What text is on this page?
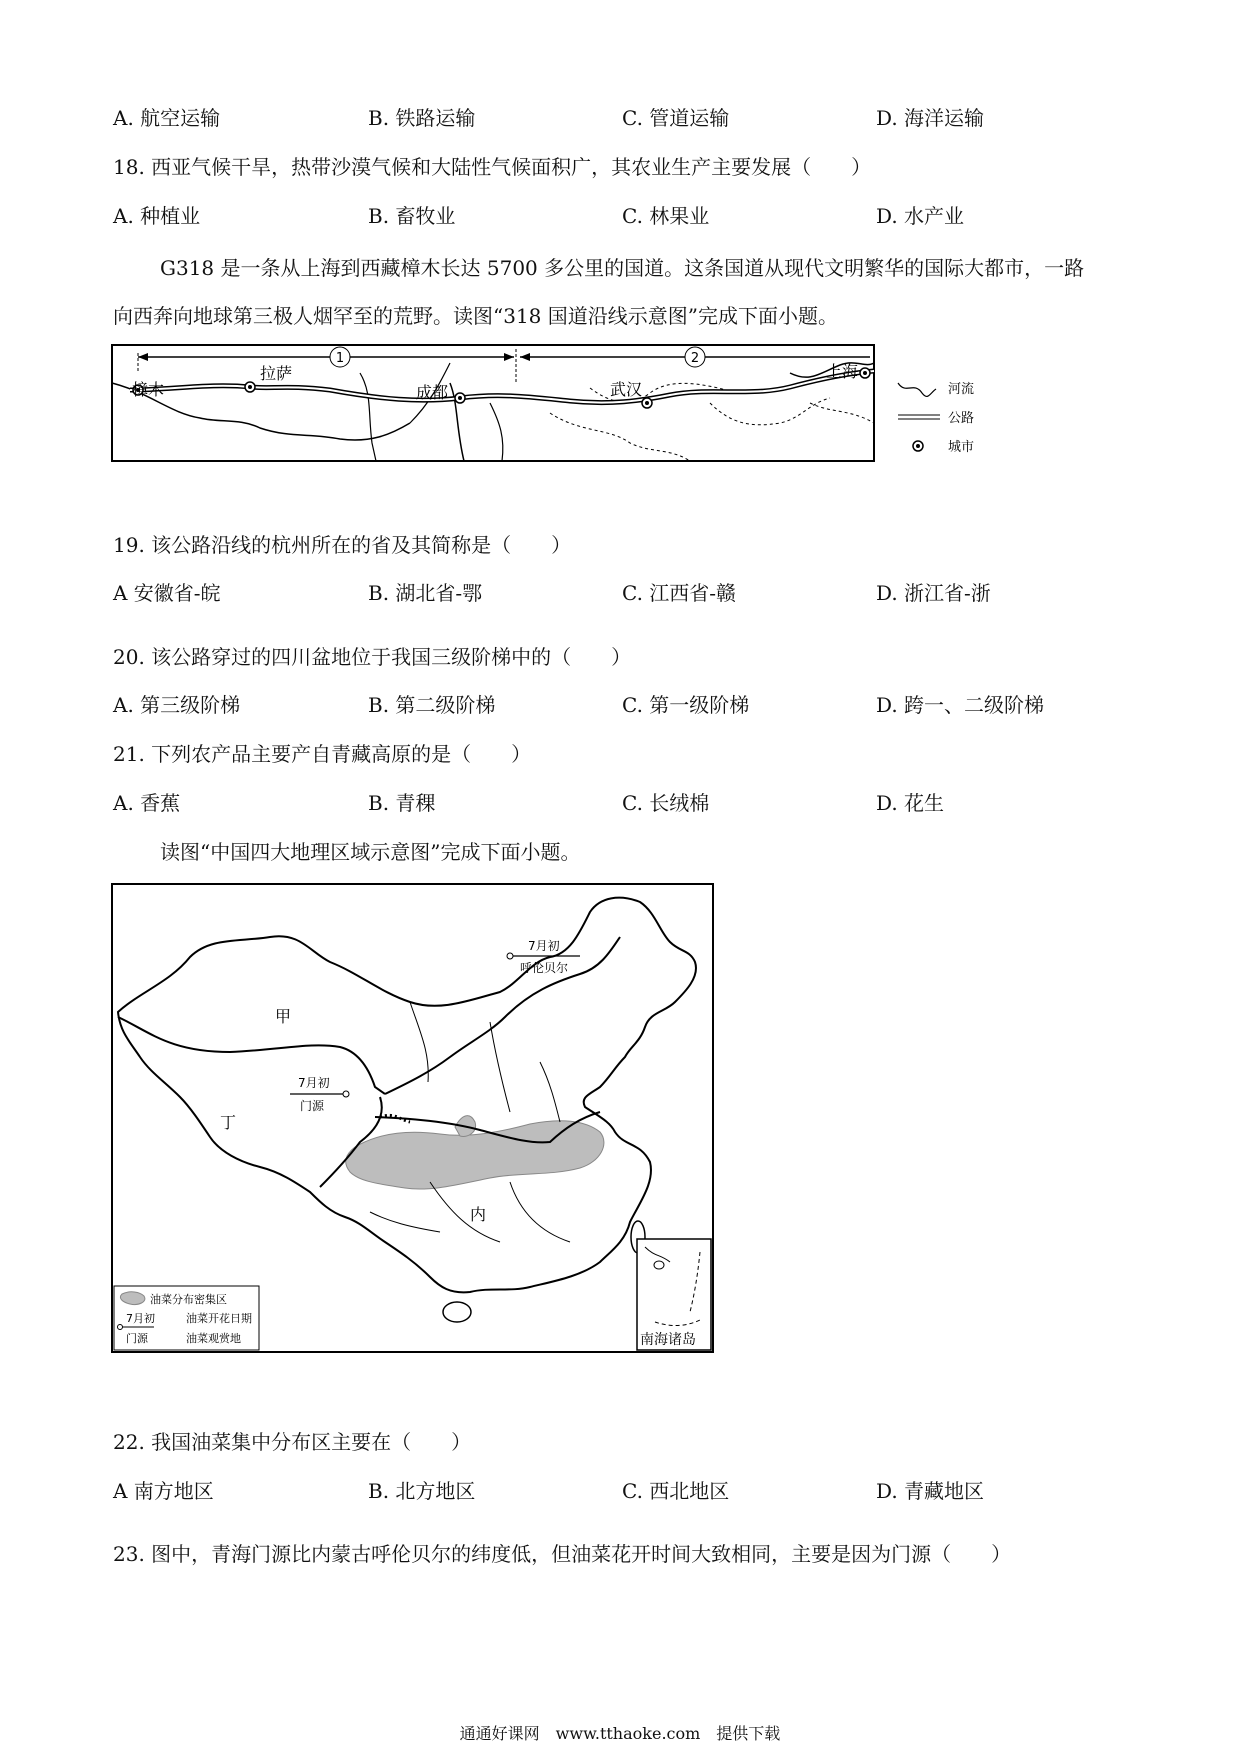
A. 航空运输	B. 铁路运输	C. 管道运输	D. 海洋运输
18. 西亚气候干旱，热带沙漠气候和大陆性气候面积广，其农业生产主要发展（　　）
A. 种植业	B. 畜牧业	C. 林果业	D. 水产业
G318 是一条从上海到西藏樟木长达 5700 多公里的国道。这条国道从现代文明繁华的国际大都市，一路
向西奔向地球第三极人烟罕至的荒野。读图“318 国道沿线示意图”完成下面小题。
1	2
樟木
拉萨
成都	武汉
上海
河流
公路
城市
19. 该公路沿线的杭州所在的省及其简称是（　　）
A 安徽省-皖	B. 湖北省-鄂	C. 江西省-赣	D. 浙江省-浙
20. 该公路穿过的四川盆地位于我国三级阶梯中的（　　）
A. 第三级阶梯	B. 第二级阶梯	C. 第一级阶梯	D. 跨一、二级阶梯
21. 下列农产品主要产自青藏高原的是（　　）
A. 香蕉	B. 青稞	C. 长绒棉	D. 花生
读图“中国四大地理区域示意图”完成下面小题。
7月初
呼伦贝尔
7月初
门源
甲
丁
内
南海诸岛
油菜分布密集区
7月初
门源
油菜开花日期
油菜观赏地
22. 我国油菜集中分布区主要在（　　）
A 南方地区	B. 北方地区	C. 西北地区	D. 青藏地区
23. 图中，青海门源比内蒙古呼伦贝尔的纬度低，但油菜花开时间大致相同，主要是因为门源（　　）
通通好课网　www.tthaoke.com　提供下载
